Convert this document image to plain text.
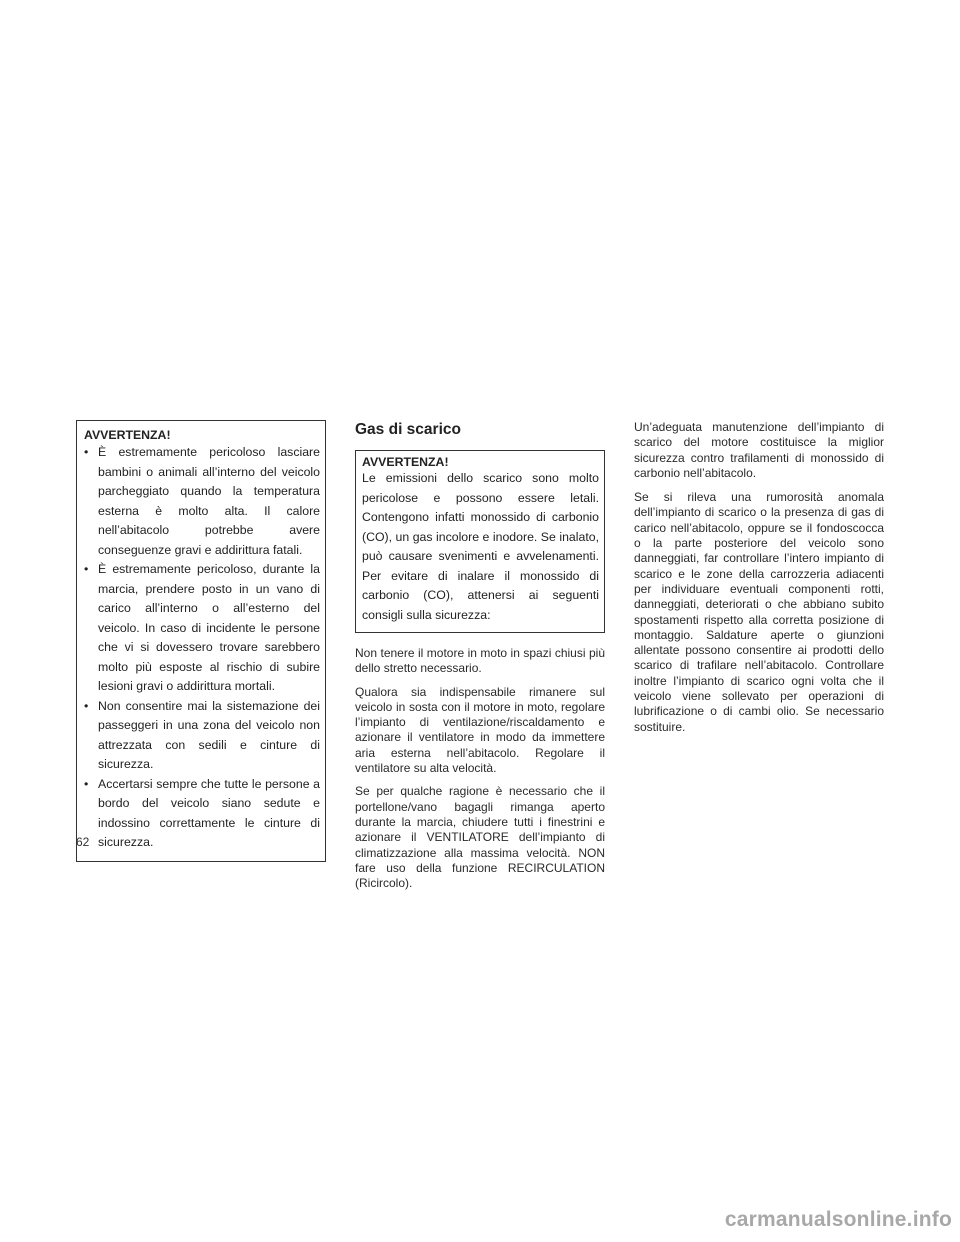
AVVERTENZA!
• È estremamente pericoloso lasciare bambini o animali all’interno del veicolo parcheggiato quando la temperatura esterna è molto alta. Il calore nell’abitacolo potrebbe avere conseguenze gravi e addirittura fatali.
• È estremamente pericoloso, durante la marcia, prendere posto in un vano di carico all’interno o all’esterno del veicolo. In caso di incidente le persone che vi si dovessero trovare sarebbero molto più esposte al rischio di subire lesioni gravi o addirittura mortali.
• Non consentire mai la sistemazione dei passeggeri in una zona del veicolo non attrezzata con sedili e cinture di sicurezza.
• Accertarsi sempre che tutte le persone a bordo del veicolo siano sedute e indossino correttamente le cinture di sicurezza.
Gas di scarico
AVVERTENZA!
Le emissioni dello scarico sono molto pericolose e possono essere letali. Contengono infatti monossido di carbonio (CO), un gas incolore e inodore. Se inalato, può causare svenimenti e avvelenamenti. Per evitare di inalare il monossido di carbonio (CO), attenersi ai seguenti consigli sulla sicurezza:

Non tenere il motore in moto in spazi chiusi più dello stretto necessario.

Qualora sia indispensabile rimanere sul veicolo in sosta con il motore in moto, regolare l’impianto di ventilazione/riscaldamento e azionare il ventilatore in modo da immettere aria esterna nell’abitacolo. Regolare il ventilatore su alta velocità.

Se per qualche ragione è necessario che il portellone/vano bagagli rimanga aperto durante la marcia, chiudere tutti i finestrini e azionare il VENTILATORE dell’impianto di climatizzazione alla massima velocità. NON fare uso della funzione RECIRCULATION (Ricircolo).

Un’adeguata manutenzione dell’impianto di scarico del motore costituisce la miglior sicurezza contro trafilamenti di monossido di carbonio nell’abitacolo.

Se si rileva una rumorosità anomala dell’impianto di scarico o la presenza di gas di carico nell’abitacolo, oppure se il fondoscocca o la parte posteriore del veicolo sono danneggiati, far controllare l’intero impianto di scarico e le zone della carrozzeria adiacenti per individuare eventuali componenti rotti, danneggiati, deteriorati o che abbiano subito spostamenti rispetto alla corretta posizione di montaggio. Saldature aperte o giunzioni allentate possono consentire ai prodotti dello scarico di trafilare nell’abitacolo. Controllare inoltre l’impianto di scarico ogni volta che il veicolo viene sollevato per operazioni di lubrificazione o di cambi olio. Se necessario sostituire.

62
carmanualsonline.info
